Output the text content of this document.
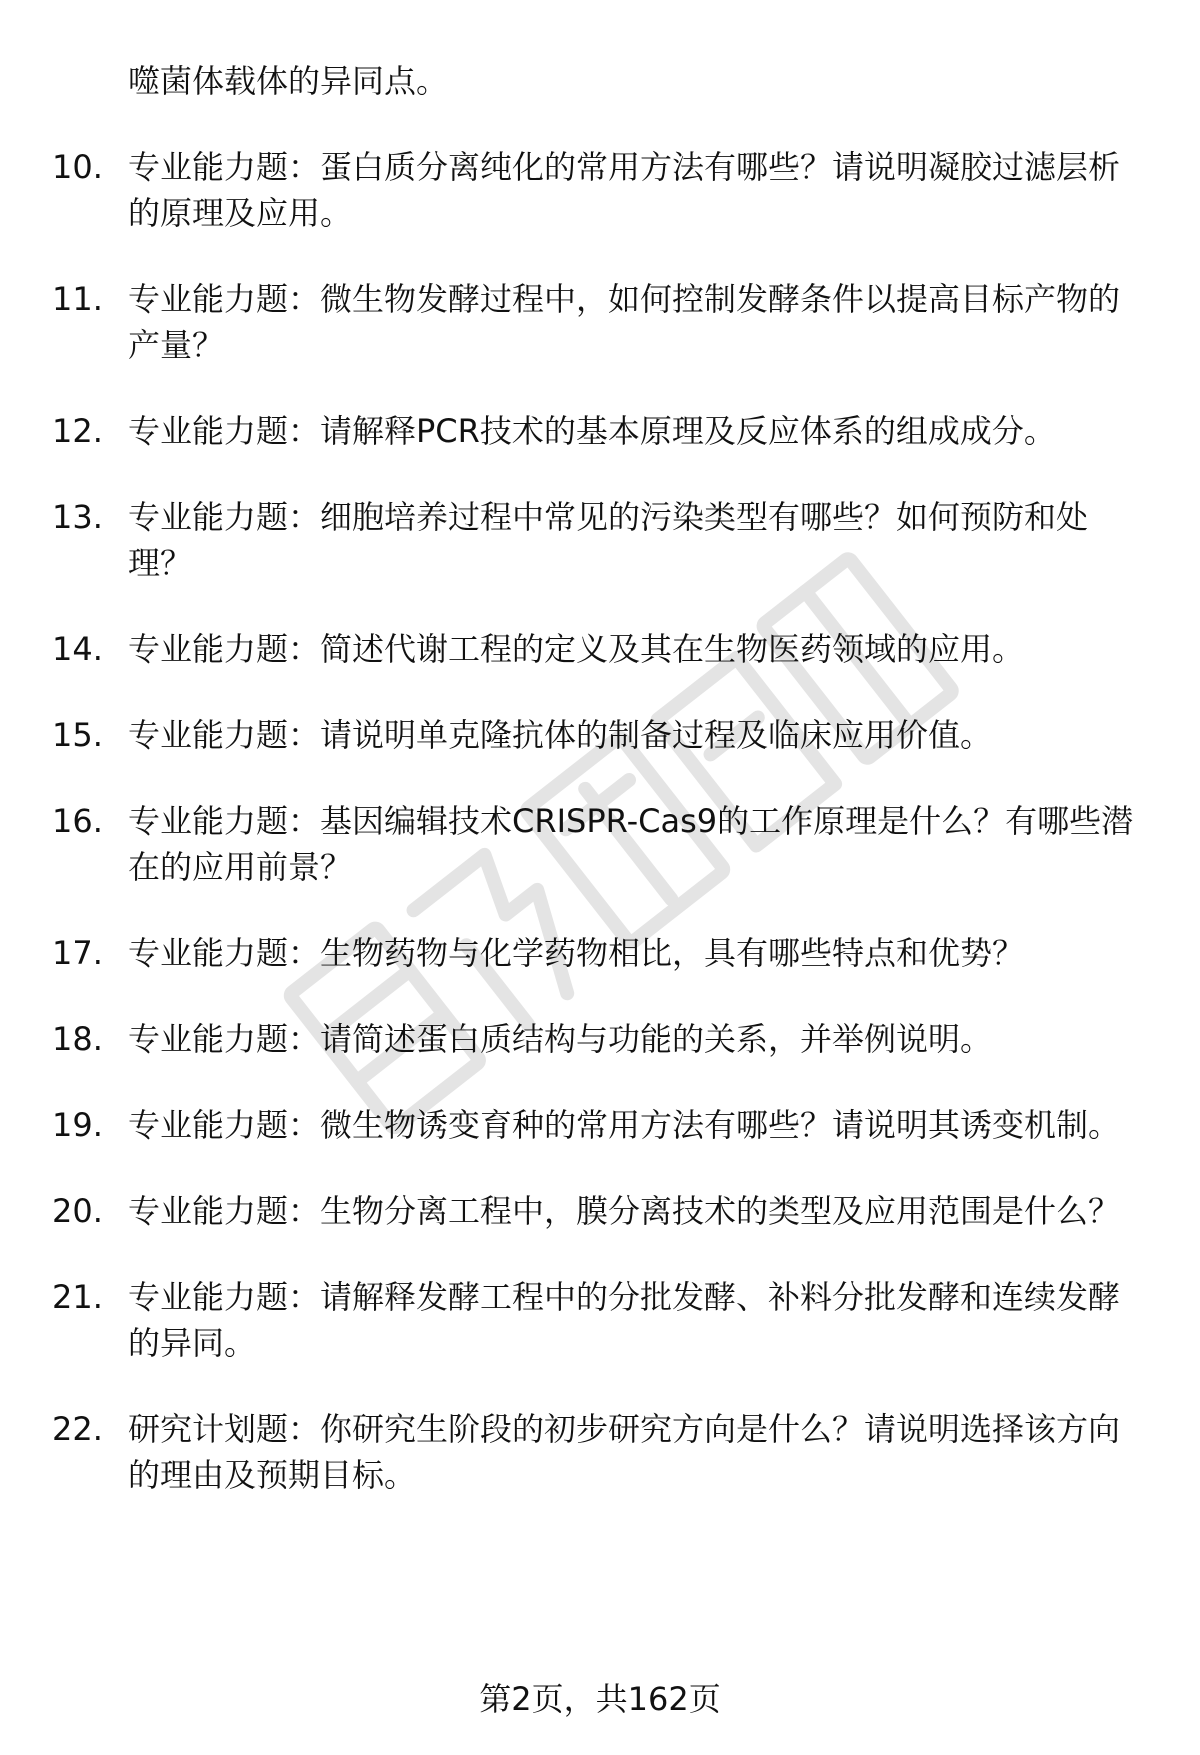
噬菌体载体的异同点。
10. 专业能力题：蛋白质分离纯化的常用方法有哪些？请说明凝胶过滤层析的原理及应用。
11. 专业能力题：微生物发酵过程中，如何控制发酵条件以提高目标产物的产量？
12. 专业能力题：请解释PCR技术的基本原理及反应体系的组成成分。
13. 专业能力题：细胞培养过程中常见的污染类型有哪些？如何预防和处理？
14. 专业能力题：简述代谢工程的定义及其在生物医药领域的应用。
15. 专业能力题：请说明单克隆抗体的制备过程及临床应用价值。
16. 专业能力题：基因编辑技术CRISPR-Cas9的工作原理是什么？有哪些潜在的应用前景？
17. 专业能力题：生物药物与化学药物相比，具有哪些特点和优势？
18. 专业能力题：请简述蛋白质结构与功能的关系，并举例说明。
19. 专业能力题：微生物诱变育种的常用方法有哪些？请说明其诱变机制。
20. 专业能力题：生物分离工程中，膜分离技术的类型及应用范围是什么？
21. 专业能力题：请解释发酵工程中的分批发酵、补料分批发酵和连续发酵的异同。
22. 研究计划题：你研究生阶段的初步研究方向是什么？请说明选择该方向的理由及预期目标。
第2页，共162页
